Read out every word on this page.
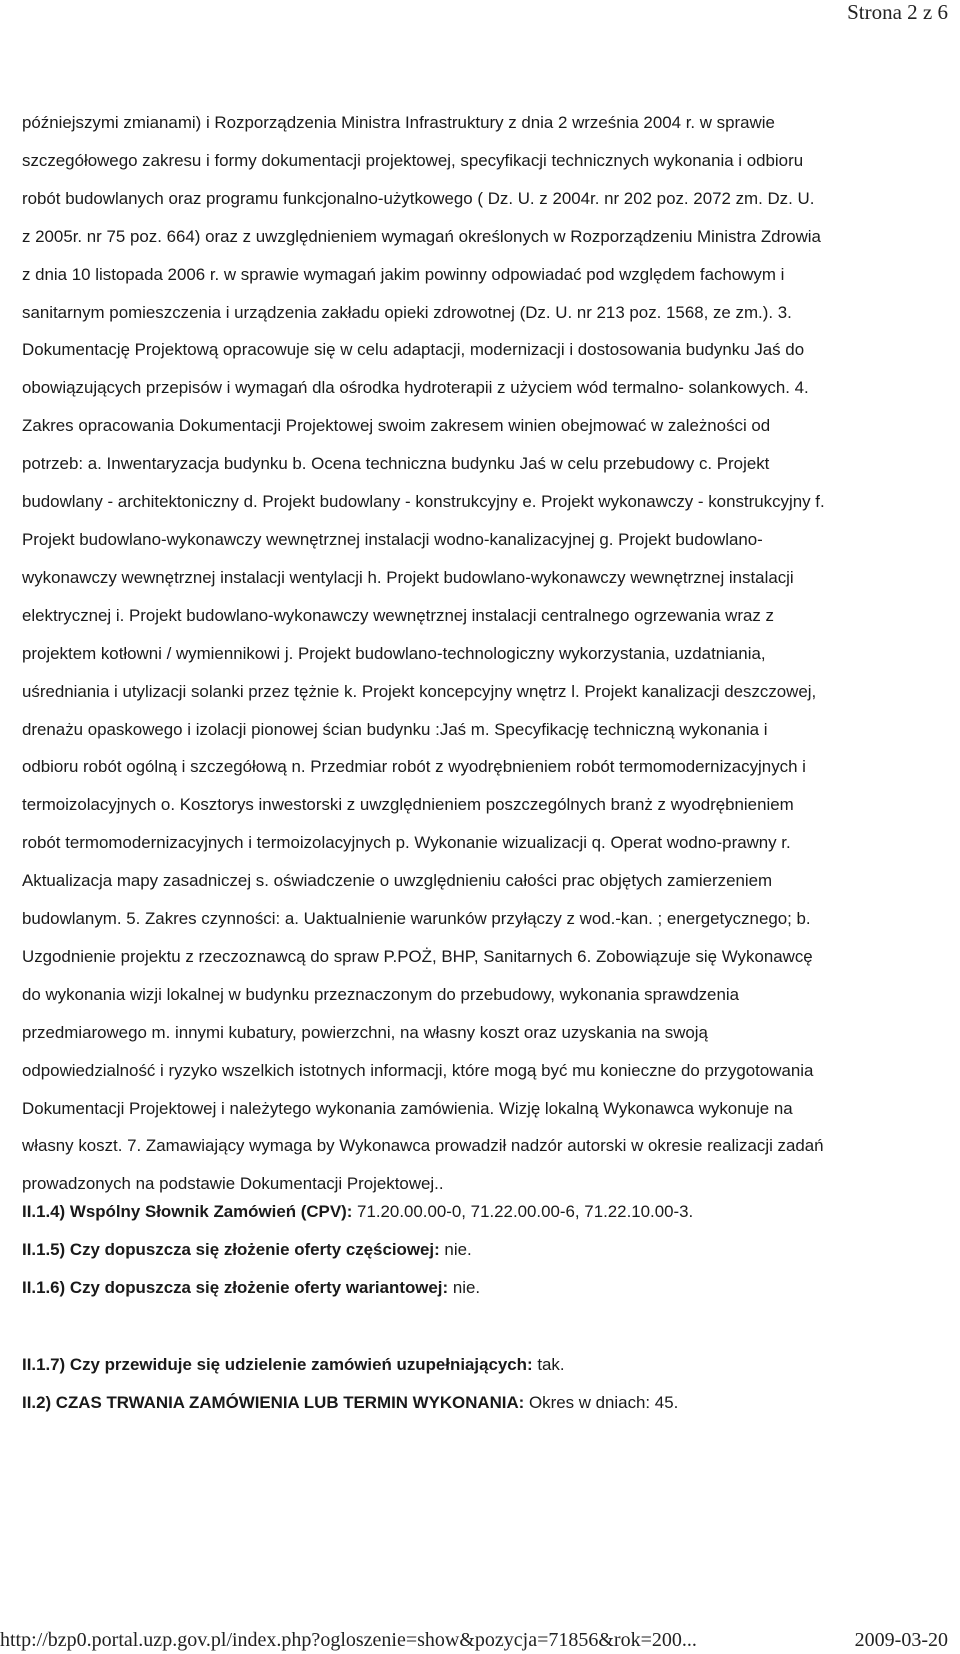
Strona 2 z 6
późniejszymi zmianami) i Rozporządzenia Ministra Infrastruktury z dnia 2 września 2004 r. w sprawie
szczegółowego zakresu i formy dokumentacji projektowej, specyfikacji technicznych wykonania i odbioru
robót budowlanych oraz programu funkcjonalno-użytkowego ( Dz. U. z 2004r. nr 202 poz. 2072 zm. Dz. U.
z 2005r. nr 75 poz. 664) oraz z uwzględnieniem wymagań określonych w Rozporządzeniu Ministra Zdrowia
z dnia 10 listopada 2006 r. w sprawie wymagań jakim powinny odpowiadać pod względem fachowym i
sanitarnym pomieszczenia i urządzenia zakładu opieki zdrowotnej (Dz. U. nr 213 poz. 1568, ze zm.). 3.
Dokumentację Projektową opracowuje się w celu adaptacji, modernizacji i dostosowania budynku Jaś do
obowiązujących przepisów i wymagań dla ośrodka hydroterapii z użyciem wód termalno- solankowych. 4.
Zakres opracowania Dokumentacji Projektowej swoim zakresem winien obejmować w zależności od
potrzeb: a. Inwentaryzacja budynku b. Ocena techniczna budynku Jaś w celu przebudowy c. Projekt
budowlany - architektoniczny d. Projekt budowlany - konstrukcyjny e. Projekt wykonawczy - konstrukcyjny f.
Projekt budowlano-wykonawczy wewnętrznej instalacji wodno-kanalizacyjnej g. Projekt budowlano-
wykonawczy wewnętrznej instalacji wentylacji h. Projekt budowlano-wykonawczy wewnętrznej instalacji
elektrycznej i. Projekt budowlano-wykonawczy wewnętrznej instalacji centralnego ogrzewania wraz z
projektem kotłowni / wymiennikowi j. Projekt budowlano-technologiczny wykorzystania, uzdatniania,
uśredniania i utylizacji solanki przez tężnie k. Projekt koncepcyjny wnętrz l. Projekt kanalizacji deszczowej,
drenażu opaskowego i izolacji pionowej ścian budynku :Jaś m. Specyfikację techniczną wykonania i
odbioru robót ogólną i szczegółową n. Przedmiar robót z wyodrębnieniem robót termomodernizacyjnych i
termoizolacyjnych o. Kosztorys inwestorski z uwzględnieniem poszczególnych branż z wyodrębnieniem
robót termomodernizacyjnych i termoizolacyjnych p. Wykonanie wizualizacji q. Operat wodno-prawny r.
Aktualizacja mapy zasadniczej s. oświadczenie o uwzględnieniu całości prac objętych zamierzeniem
budowlanym. 5. Zakres czynności: a. Uaktualnienie warunków przyłączy z wod.-kan. ; energetycznego; b.
Uzgodnienie projektu z rzeczoznawcą do spraw P.POŻ, BHP, Sanitarnych 6. Zobowiązuje się Wykonawcę
do wykonania wizji lokalnej w budynku przeznaczonym do przebudowy, wykonania sprawdzenia
przedmiarowego m. innymi kubatury, powierzchni, na własny koszt oraz uzyskania na swoją
odpowiedzialność i ryzyko wszelkich istotnych informacji, które mogą być mu konieczne do przygotowania
Dokumentacji Projektowej i należytego wykonania zamówienia. Wizję lokalną Wykonawca wykonuje na
własny koszt. 7. Zamawiający wymaga by Wykonawca prowadził nadzór autorski w okresie realizacji zadań
prowadzonych na podstawie Dokumentacji Projektowej..
II.1.4) Wspólny Słownik Zamówień (CPV): 71.20.00.00-0, 71.22.00.00-6, 71.22.10.00-3.
II.1.5) Czy dopuszcza się złożenie oferty częściowej: nie.
II.1.6) Czy dopuszcza się złożenie oferty wariantowej: nie.
II.1.7) Czy przewiduje się udzielenie zamówień uzupełniających: tak.
II.2) CZAS TRWANIA ZAMÓWIENIA LUB TERMIN WYKONANIA: Okres w dniach: 45.
http://bzp0.portal.uzp.gov.pl/index.php?ogloszenie=show&pozycja=71856&rok=200...	2009-03-20
